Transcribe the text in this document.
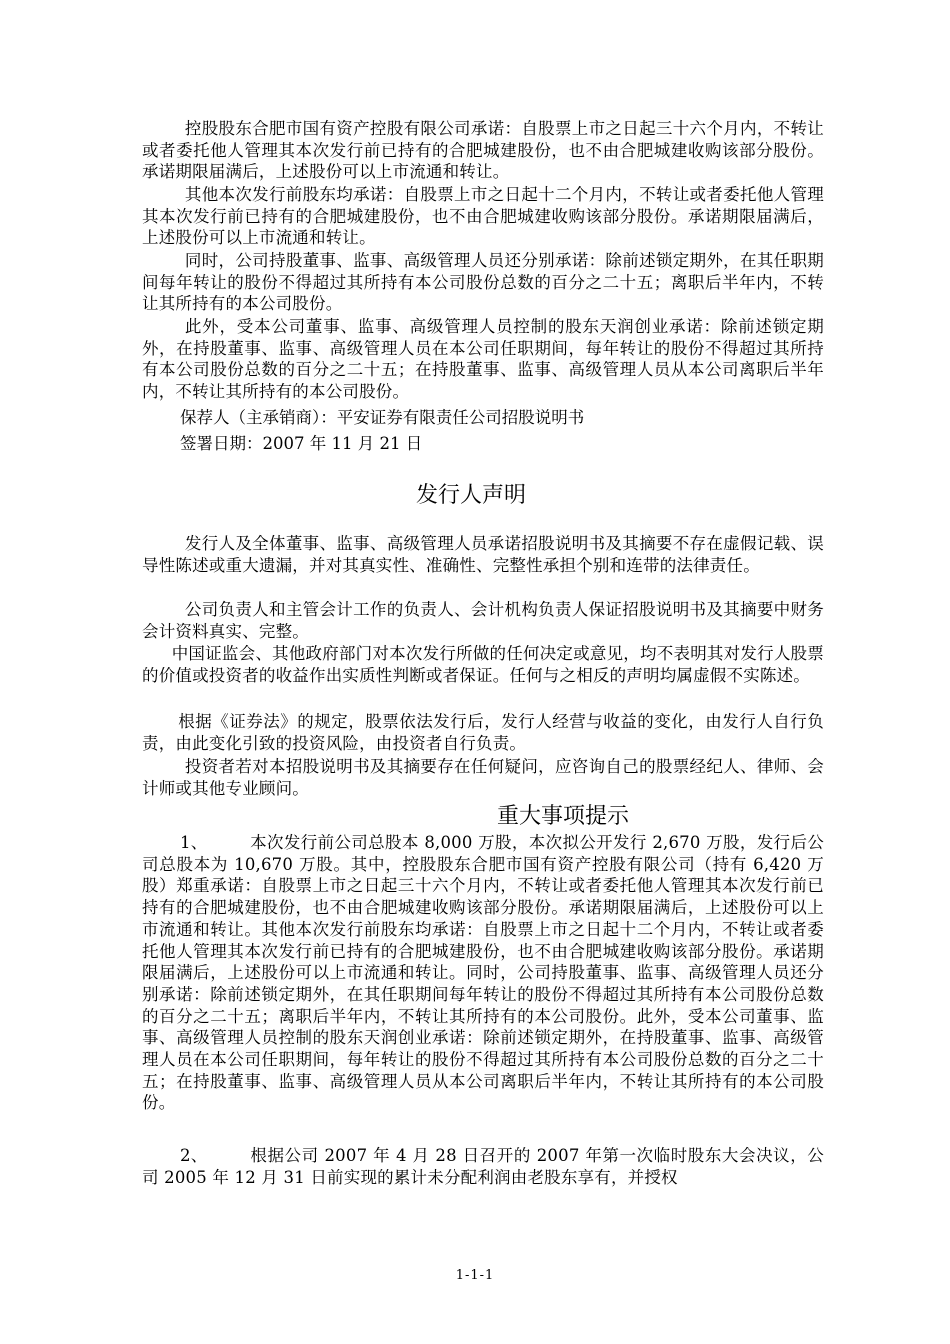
控股股东合肥市国有资产控股有限公司承诺：自股票上市之日起三十六个月内，不转让或者委托他人管理其本次发行前已持有的合肥城建股份，也不由合肥城建收购该部分股份。承诺期限届满后，上述股份可以上市流通和转让。
其他本次发行前股东均承诺：自股票上市之日起十二个月内，不转让或者委托他人管理其本次发行前已持有的合肥城建股份，也不由合肥城建收购该部分股份。承诺期限届满后，上述股份可以上市流通和转让。
同时，公司持股董事、监事、高级管理人员还分别承诺：除前述锁定期外，在其任职期间每年转让的股份不得超过其所持有本公司股份总数的百分之二十五；离职后半年内，不转让其所持有的本公司股份。
此外，受本公司董事、监事、高级管理人员控制的股东天润创业承诺：除前述锁定期外，在持股董事、监事、高级管理人员在本公司任职期间，每年转让的股份不得超过其所持有本公司股份总数的百分之二十五；在持股董事、监事、高级管理人员从本公司离职后半年内，不转让其所持有的本公司股份。
保荐人（主承销商）：平安证券有限责任公司招股说明书
签署日期：2007 年 11 月 21 日
发行人声明
发行人及全体董事、监事、高级管理人员承诺招股说明书及其摘要不存在虚假记载、误导性陈述或重大遗漏，并对其真实性、准确性、完整性承担个别和连带的法律责任。
公司负责人和主管会计工作的负责人、会计机构负责人保证招股说明书及其摘要中财务会计资料真实、完整。
中国证监会、其他政府部门对本次发行所做的任何决定或意见，均不表明其对发行人股票的价值或投资者的收益作出实质性判断或者保证。任何与之相反的声明均属虚假不实陈述。
根据《证券法》的规定，股票依法发行后，发行人经营与收益的变化，由发行人自行负责，由此变化引致的投资风险，由投资者自行负责。
投资者若对本招股说明书及其摘要存在任何疑问，应咨询自己的股票经纪人、律师、会计师或其他专业顾问。
重大事项提示
1、	本次发行前公司总股本 8,000 万股，本次拟公开发行 2,670 万股，发行后公司总股本为 10,670 万股。其中，控股股东合肥市国有资产控股有限公司（持有 6,420 万股）郑重承诺：自股票上市之日起三十六个月内，不转让或者委托他人管理其本次发行前已持有的合肥城建股份，也不由合肥城建收购该部分股份。承诺期限届满后，上述股份可以上市流通和转让。其他本次发行前股东均承诺：自股票上市之日起十二个月内，不转让或者委托他人管理其本次发行前已持有的合肥城建股份，也不由合肥城建收购该部分股份。承诺期限届满后，上述股份可以上市流通和转让。同时，公司持股董事、监事、高级管理人员还分别承诺：除前述锁定期外，在其任职期间每年转让的股份不得超过其所持有本公司股份总数的百分之二十五；离职后半年内，不转让其所持有的本公司股份。此外，受本公司董事、监事、高级管理人员控制的股东天润创业承诺：除前述锁定期外，在持股董事、监事、高级管理人员在本公司任职期间，每年转让的股份不得超过其所持有本公司股份总数的百分之二十五；在持股董事、监事、高级管理人员从本公司离职后半年内，不转让其所持有的本公司股份。
2、	根据公司 2007 年 4 月 28 日召开的 2007 年第一次临时股东大会决议，公司 2005 年 12 月 31 日前实现的累计未分配利润由老股东享有，并授权
1-1-1
